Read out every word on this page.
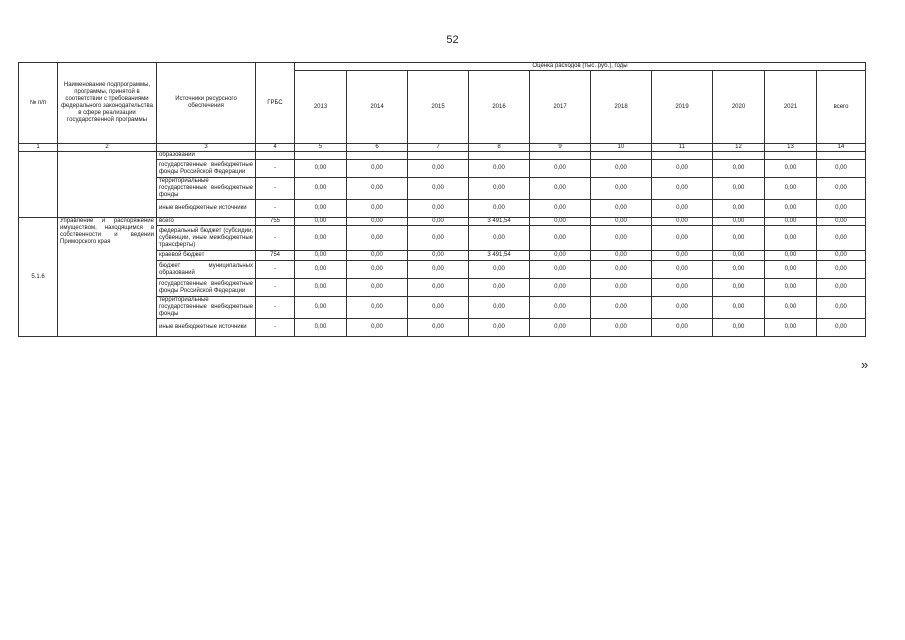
52
№ п/п	Наименование подпрограммы, программы, принятой в соответствии с требованиями федерального законодательства в сфере реализации государственной программы	Источники ресурсного обеспечения	ГРБС	Оценка расходов (тыс. руб.), годы									
				2013	2014	2015	2016	2017	2018	2019	2020	2021	всего
1	2	3	4	5	6	7	8	9	10	11	12	13	14
		образований											
		государственные внебюджетные фонды Российской Федерации	-	0,00	0,00	0,00	0,00	0,00	0,00	0,00	0,00	0,00	0,00
		территориальные государственные внебюджетные фонды	-	0,00	0,00	0,00	0,00	0,00	0,00	0,00	0,00	0,00	0,00
		иные внебюджетные источники	-	0,00	0,00	0,00	0,00	0,00	0,00	0,00	0,00	0,00	0,00
5.1.6	Управление и распоряжение имуществом, находящимся в собственности и ведении Приморского края	всего	755	0,00	0,00	0,00	3 491,54	0,00	0,00	0,00	0,00	0,00	0,00
		федеральный бюджет (субсидии, субвенции, иные межбюджетные трансферты)	-	0,00	0,00	0,00	0,00	0,00	0,00	0,00	0,00	0,00	0,00
		краевой бюджет	754	0,00	0,00	0,00	3 491,54	0,00	0,00	0,00	0,00	0,00	0,00
		бюджет муниципальных образований	-	0,00	0,00	0,00	0,00	0,00	0,00	0,00	0,00	0,00	0,00
		государственные внебюджетные фонды Российской Федерации	-	0,00	0,00	0,00	0,00	0,00	0,00	0,00	0,00	0,00	0,00
		территориальные государственные внебюджетные фонды	-	0,00	0,00	0,00	0,00	0,00	0,00	0,00	0,00	0,00	0,00
		иные внебюджетные источники	-	0,00	0,00	0,00	0,00	0,00	0,00	0,00	0,00	0,00	0,00
»
